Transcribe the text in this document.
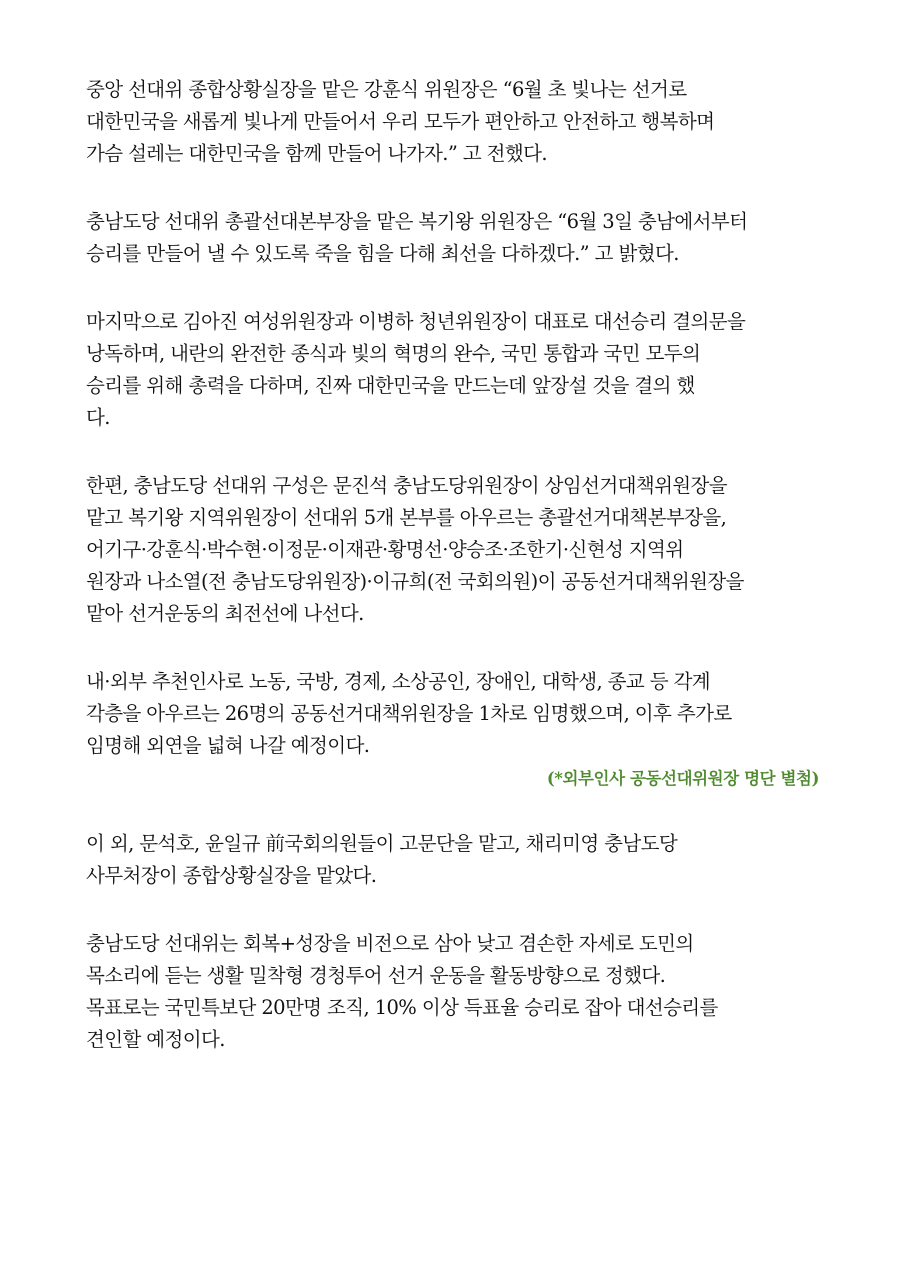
중앙 선대위 종합상황실장을 맡은 강훈식 위원장은 “6월 초 빛나는 선거로
대한민국을 새롭게 빛나게 만들어서 우리 모두가 편안하고 안전하고 행복하며
가슴 설레는 대한민국을 함께 만들어 나가자.” 고 전했다.

충남도당 선대위 총괄선대본부장을 맡은 복기왕 위원장은 “6월 3일 충남에서부터
승리를 만들어 낼 수 있도록 죽을 힘을 다해 최선을 다하겠다.” 고 밝혔다.

마지막으로 김아진 여성위원장과 이병하 청년위원장이 대표로 대선승리 결의문을
낭독하며, 내란의 완전한 종식과 빛의 혁명의 완수, 국민 통합과 국민 모두의
승리를 위해 총력을 다하며, 진짜 대한민국을 만드는데 앞장설 것을 결의 했
다.

한편, 충남도당 선대위 구성은 문진석 충남도당위원장이 상임선거대책위원장을
맡고 복기왕 지역위원장이 선대위 5개 본부를 아우르는 총괄선거대책본부장을,
어기구·강훈식·박수현·이정문·이재관·황명선·양승조·조한기·신현성 지역위
원장과 나소열(전 충남도당위원장)·이규희(전 국회의원)이 공동선거대책위원장을
맡아 선거운동의 최전선에 나선다.

내·외부 추천인사로 노동, 국방, 경제, 소상공인, 장애인, 대학생, 종교 등 각계
각층을 아우르는 26명의 공동선거대책위원장을 1차로 임명했으며, 이후 추가로
임명해 외연을 넓혀 나갈 예정이다.

(*외부인사 공동선대위원장 명단 별첨)

이 외, 문석호, 윤일규 前국회의원들이 고문단을 맡고, 채리미영 충남도당
사무처장이 종합상황실장을 맡았다.

충남도당 선대위는 회복+성장을 비전으로 삼아 낮고 겸손한 자세로 도민의
목소리에 듣는 생활 밀착형 경청투어 선거 운동을 활동방향으로 정했다.
목표로는 국민특보단 20만명 조직, 10% 이상 득표율 승리로 잡아 대선승리를
견인할 예정이다.
